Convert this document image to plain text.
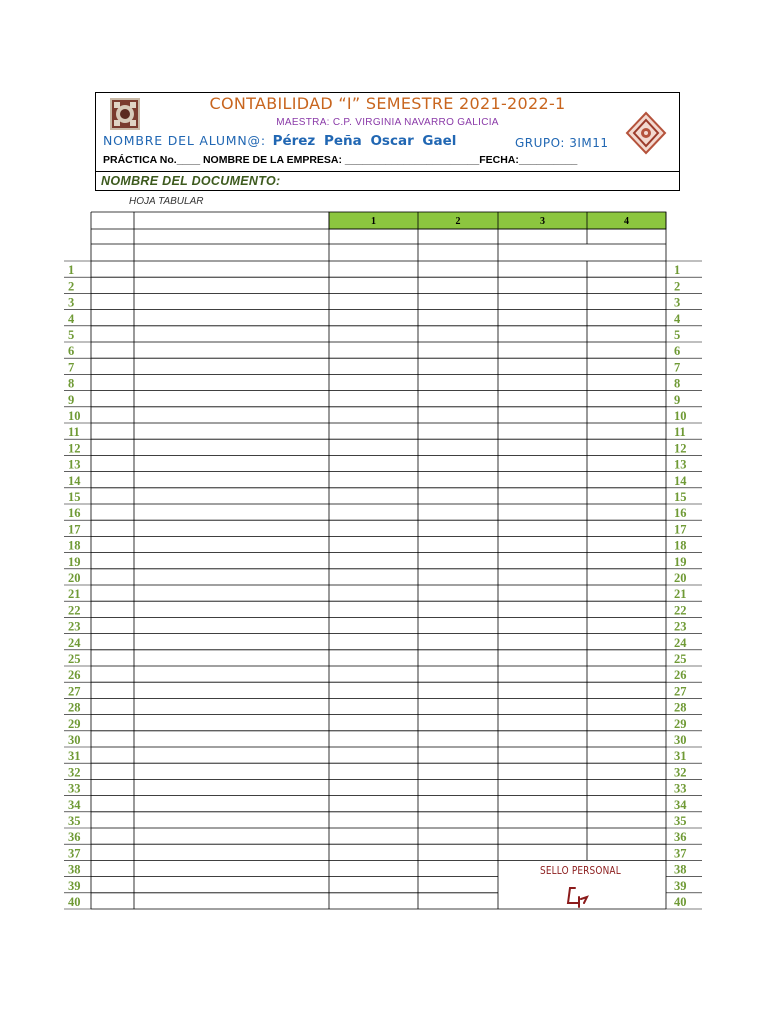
CONTABILIDAD “I” SEMESTRE 2021-2022-1
MAESTRA: C.P. VIRGINIA NAVARRO GALICIA
NOMBRE DEL ALUMN@: Pérez Peña Oscar Gael	GRUPO: 3IM11
PRÁCTICA No.____ NOMBRE DE LA EMPRESA: _______________________FECHA:__________
NOMBRE DEL DOCUMENTO:
HOJA TABULAR
1	2	3	4
1	1
2	2
3	3
4	4
5	5
6	6
7	7
8	8
9	9
10	10
11	11
12	12
13	13
14	14
15	15
16	16
17	17
18	18
19	19
20	20
21	21
22	22
23	23
24	24
25	25
26	26
27	27
28	28
29	29
30	30
31	31
32	32
33	33
34	34
35	35
36	36
37	37
38	38
39	39
40	40
SELLO PERSONAL
